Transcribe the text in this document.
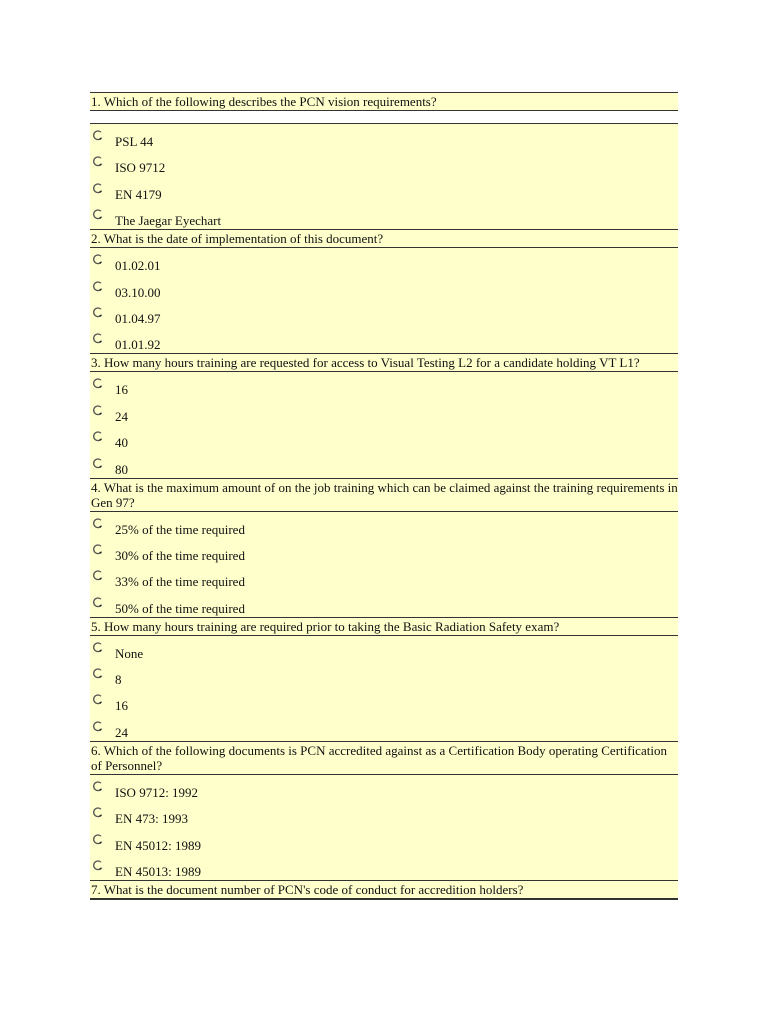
1. Which of the following describes the PCN vision requirements?
PSL 44
ISO 9712
EN 4179
The Jaegar Eyechart
2. What is the date of implementation of this document?
01.02.01
03.10.00
01.04.97
01.01.92
3. How many hours training are requested for access to Visual Testing L2 for a candidate holding VT L1?
16
24
40
80
4. What is the maximum amount of on the job training which can be claimed against the training requirements in Gen 97?
25% of the time required
30% of the time required
33% of the time required
50% of the time required
5. How many hours training are required prior to taking the Basic Radiation Safety exam?
None
8
16
24
6. Which of the following documents is PCN accredited against as a Certification Body operating Certification of Personnel?
ISO 9712: 1992
EN 473: 1993
EN 45012: 1989
EN 45013: 1989
7. What is the document number of PCN's code of conduct for accredition holders?
